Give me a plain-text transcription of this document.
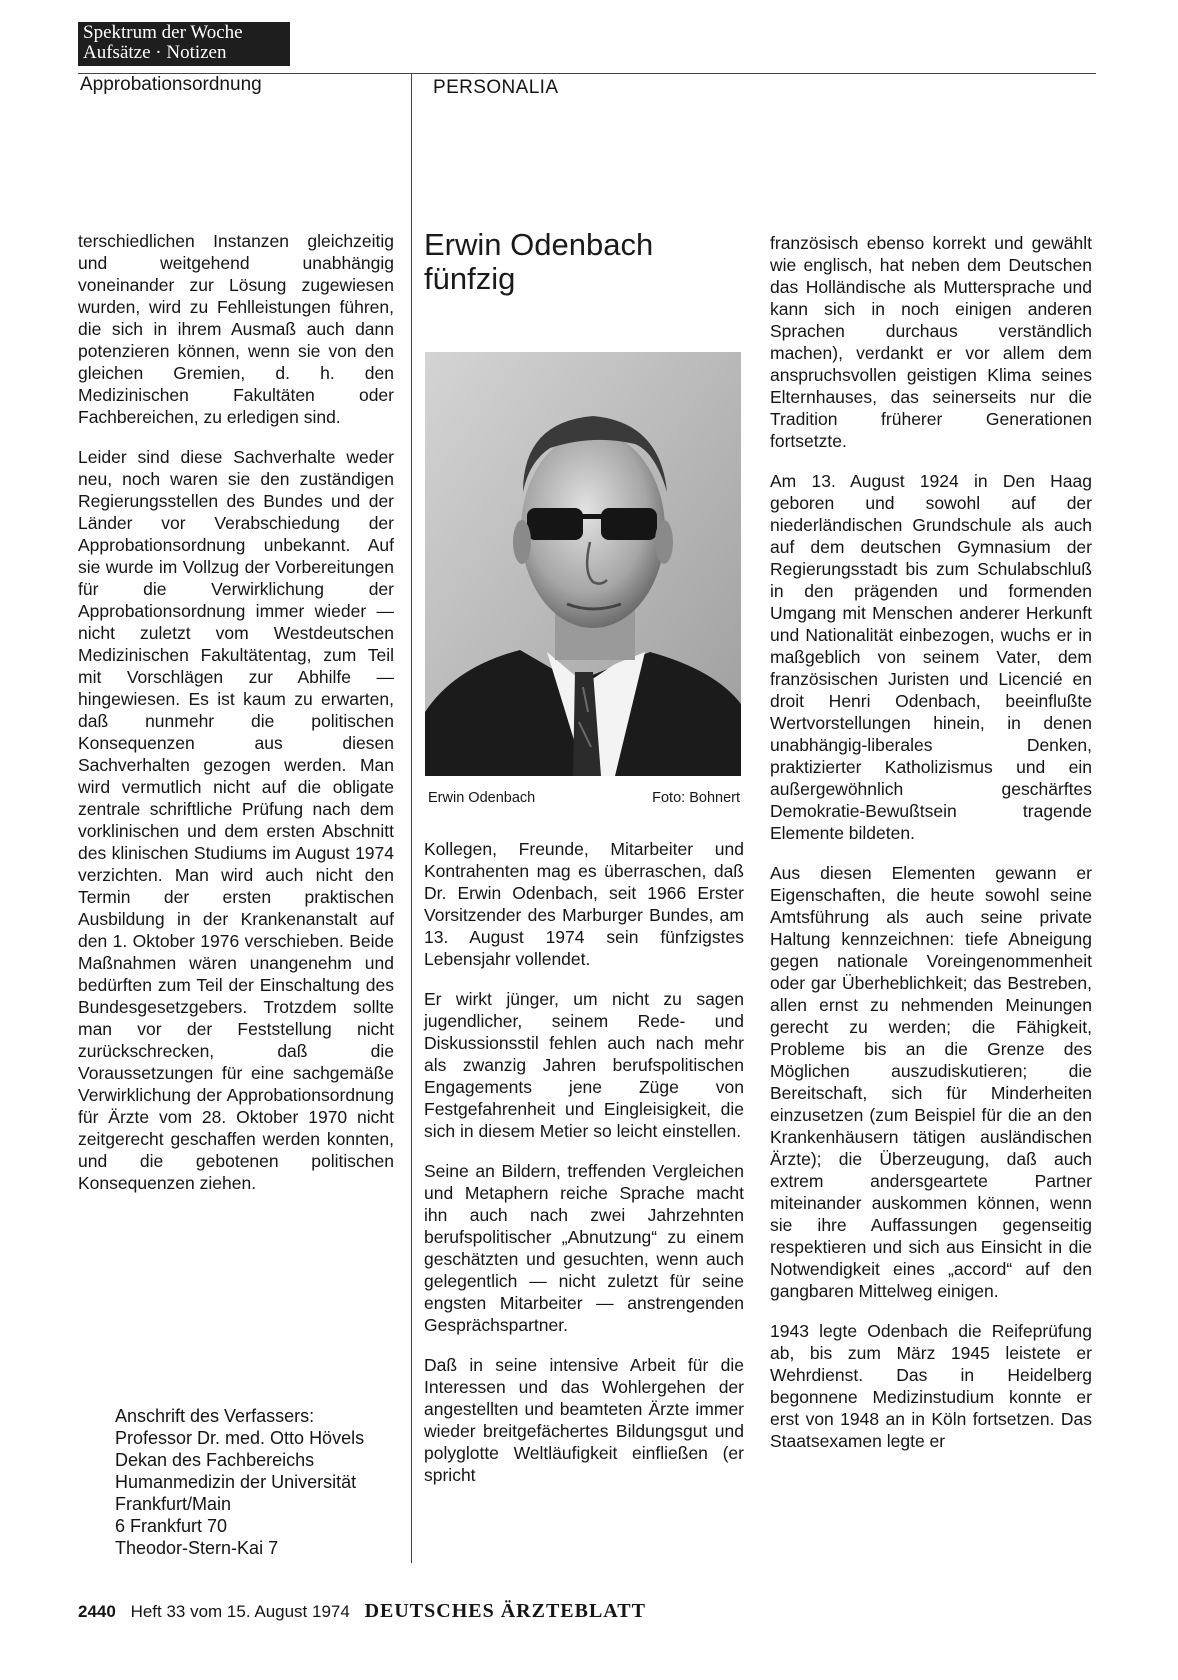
Spektrum der Woche
Aufsätze · Notizen
Approbationsordnung	PERSONALIA

terschiedlichen Instanzen gleichzeitig und weitgehend unabhängig voneinander zur Lösung zugewiesen wurden, wird zu Fehlleistungen führen, die sich in ihrem Ausmaß auch dann potenzieren können, wenn sie von den gleichen Gremien, d. h. den Medizinischen Fakultäten oder Fachbereichen, zu erledigen sind.

Leider sind diese Sachverhalte weder neu, noch waren sie den zuständigen Regierungsstellen des Bundes und der Länder vor Verabschiedung der Approbationsordnung unbekannt. Auf sie wurde im Vollzug der Vorbereitungen für die Verwirklichung der Approbationsordnung immer wieder — nicht zuletzt vom Westdeutschen Medizinischen Fakultätentag, zum Teil mit Vorschlägen zur Abhilfe — hingewiesen. Es ist kaum zu erwarten, daß nunmehr die politischen Konsequenzen aus diesen Sachverhalten gezogen werden. Man wird vermutlich nicht auf die obligate zentrale schriftliche Prüfung nach dem vorklinischen und dem ersten Abschnitt des klinischen Studiums im August 1974 verzichten. Man wird auch nicht den Termin der ersten praktischen Ausbildung in der Krankenanstalt auf den 1. Oktober 1976 verschieben. Beide Maßnahmen wären unangenehm und bedürften zum Teil der Einschaltung des Bundesgesetzgebers. Trotzdem sollte man vor der Feststellung nicht zurückschrecken, daß die Voraussetzungen für eine sachgemäße Verwirklichung der Approbationsordnung für Ärzte vom 28. Oktober 1970 nicht zeitgerecht geschaffen werden konnten, und die gebotenen politischen Konsequenzen ziehen.

Anschrift des Verfassers:
Professor Dr. med. Otto Hövels
Dekan des Fachbereichs
Humanmedizin der Universität
Frankfurt/Main
6 Frankfurt 70
Theodor-Stern-Kai 7
Erwin Odenbach
fünfzig
Erwin Odenbach	Foto: Bohnert

Kollegen, Freunde, Mitarbeiter und Kontrahenten mag es überraschen, daß Dr. Erwin Odenbach, seit 1966 Erster Vorsitzender des Marburger Bundes, am 13. August 1974 sein fünfzigstes Lebensjahr vollendet.

Er wirkt jünger, um nicht zu sagen jugendlicher, seinem Rede- und Diskussionsstil fehlen auch nach mehr als zwanzig Jahren berufspolitischen Engagements jene Züge von Festgefahrenheit und Eingleisigkeit, die sich in diesem Metier so leicht einstellen.

Seine an Bildern, treffenden Vergleichen und Metaphern reiche Sprache macht ihn auch nach zwei Jahrzehnten berufspolitischer „Abnutzung“ zu einem geschätzten und gesuchten, wenn auch gelegentlich — nicht zuletzt für seine engsten Mitarbeiter — anstrengenden Gesprächspartner.

Daß in seine intensive Arbeit für die Interessen und das Wohlergehen der angestellten und beamteten Ärzte immer wieder breitgefächertes Bildungsgut und polyglotte Weltläufigkeit einfließen (er spricht

französisch ebenso korrekt und gewählt wie englisch, hat neben dem Deutschen das Holländische als Muttersprache und kann sich in noch einigen anderen Sprachen durchaus verständlich machen), verdankt er vor allem dem anspruchsvollen geistigen Klima seines Elternhauses, das seinerseits nur die Tradition früherer Generationen fortsetzte.

Am 13. August 1924 in Den Haag geboren und sowohl auf der niederländischen Grundschule als auch auf dem deutschen Gymnasium der Regierungsstadt bis zum Schulabschluß in den prägenden und formenden Umgang mit Menschen anderer Herkunft und Nationalität einbezogen, wuchs er in maßgeblich von seinem Vater, dem französischen Juristen und Licencié en droit Henri Odenbach, beeinflußte Wertvorstellungen hinein, in denen unabhängig-liberales Denken, praktizierter Katholizismus und ein außergewöhnlich geschärftes Demokratie-Bewußtsein tragende Elemente bildeten.

Aus diesen Elementen gewann er Eigenschaften, die heute sowohl seine Amtsführung als auch seine private Haltung kennzeichnen: tiefe Abneigung gegen nationale Voreingenommenheit oder gar Überheblichkeit; das Bestreben, allen ernst zu nehmenden Meinungen gerecht zu werden; die Fähigkeit, Probleme bis an die Grenze des Möglichen auszudiskutieren; die Bereitschaft, sich für Minderheiten einzusetzen (zum Beispiel für die an den Krankenhäusern tätigen ausländischen Ärzte); die Überzeugung, daß auch extrem andersgeartete Partner miteinander auskommen können, wenn sie ihre Auffassungen gegenseitig respektieren und sich aus Einsicht in die Notwendigkeit eines „accord“ auf den gangbaren Mittelweg einigen.

1943 legte Odenbach die Reifeprüfung ab, bis zum März 1945 leistete er Wehrdienst. Das in Heidelberg begonnene Medizinstudium konnte er erst von 1948 an in Köln fortsetzen. Das Staatsexamen legte er

2440 Heft 33 vom 15. August 1974 DEUTSCHES ÄRZTEBLATT
